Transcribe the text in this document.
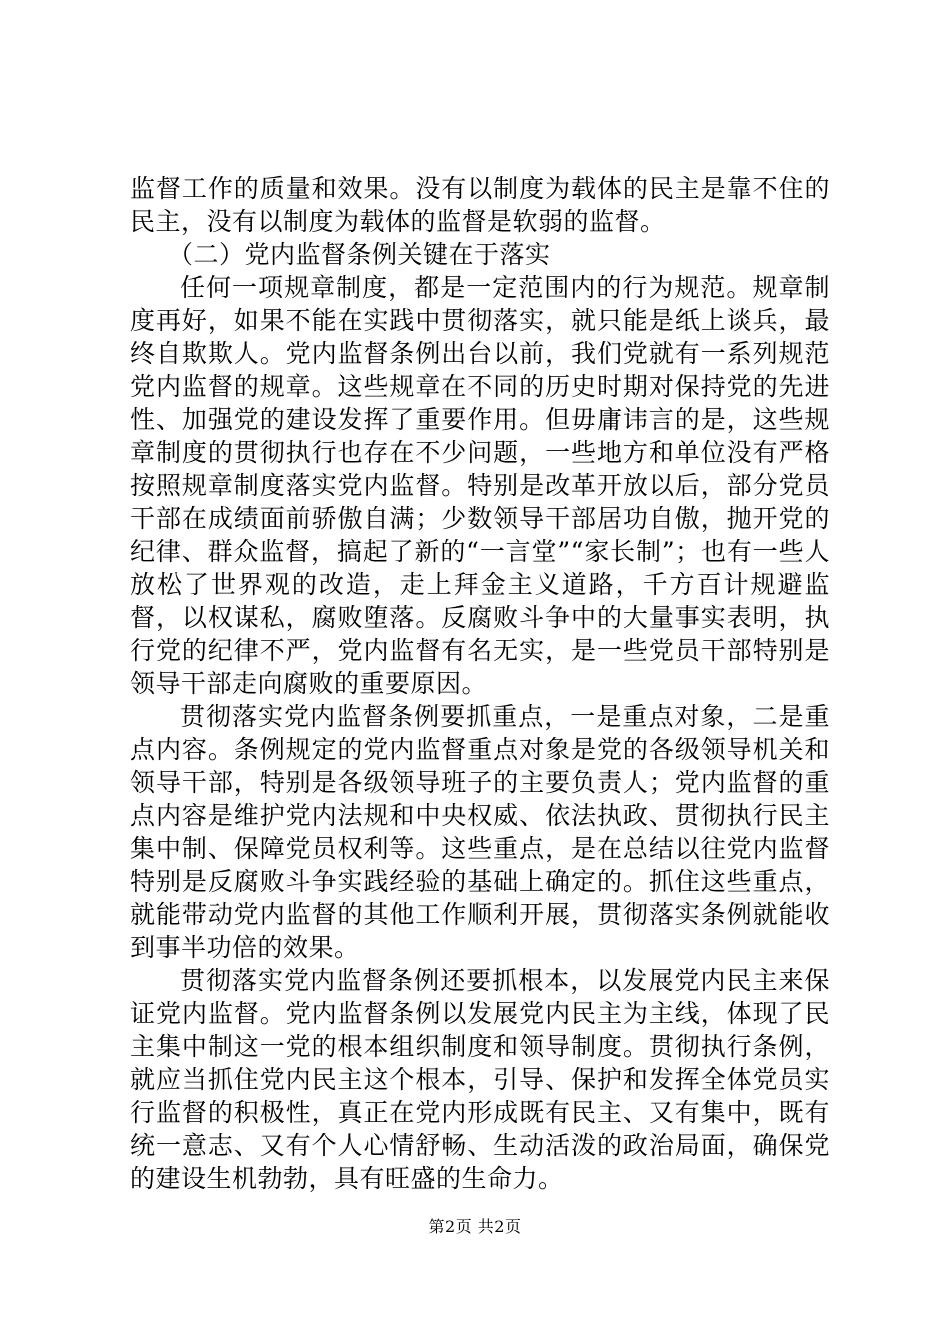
监督工作的质量和效果。没有以制度为载体的民主是靠不住的民主，没有以制度为载体的监督是软弱的监督。

（二）党内监督条例关键在于落实

任何一项规章制度，都是一定范围内的行为规范。规章制度再好，如果不能在实践中贯彻落实，就只能是纸上谈兵，最终自欺欺人。党内监督条例出台以前，我们党就有一系列规范党内监督的规章。这些规章在不同的历史时期对保持党的先进性、加强党的建设发挥了重要作用。但毋庸讳言的是，这些规章制度的贯彻执行也存在不少问题，一些地方和单位没有严格按照规章制度落实党内监督。特别是改革开放以后，部分党员干部在成绩面前骄傲自满；少数领导干部居功自傲，抛开党的纪律、群众监督，搞起了新的“一言堂”“家长制”；也有一些人放松了世界观的改造，走上拜金主义道路，千方百计规避监督，以权谋私，腐败堕落。反腐败斗争中的大量事实表明，执行党的纪律不严，党内监督有名无实，是一些党员干部特别是领导干部走向腐败的重要原因。

贯彻落实党内监督条例要抓重点，一是重点对象，二是重点内容。条例规定的党内监督重点对象是党的各级领导机关和领导干部，特别是各级领导班子的主要负责人；党内监督的重点内容是维护党内法规和中央权威、依法执政、贯彻执行民主集中制、保障党员权利等。这些重点，是在总结以往党内监督特别是反腐败斗争实践经验的基础上确定的。抓住这些重点，就能带动党内监督的其他工作顺利开展，贯彻落实条例就能收到事半功倍的效果。

贯彻落实党内监督条例还要抓根本，以发展党内民主来保证党内监督。党内监督条例以发展党内民主为主线，体现了民主集中制这一党的根本组织制度和领导制度。贯彻执行条例，就应当抓住党内民主这个根本，引导、保护和发挥全体党员实行监督的积极性，真正在党内形成既有民主、又有集中，既有统一意志、又有个人心情舒畅、生动活泼的政治局面，确保党的建设生机勃勃，具有旺盛的生命力。

第2页 共2页
